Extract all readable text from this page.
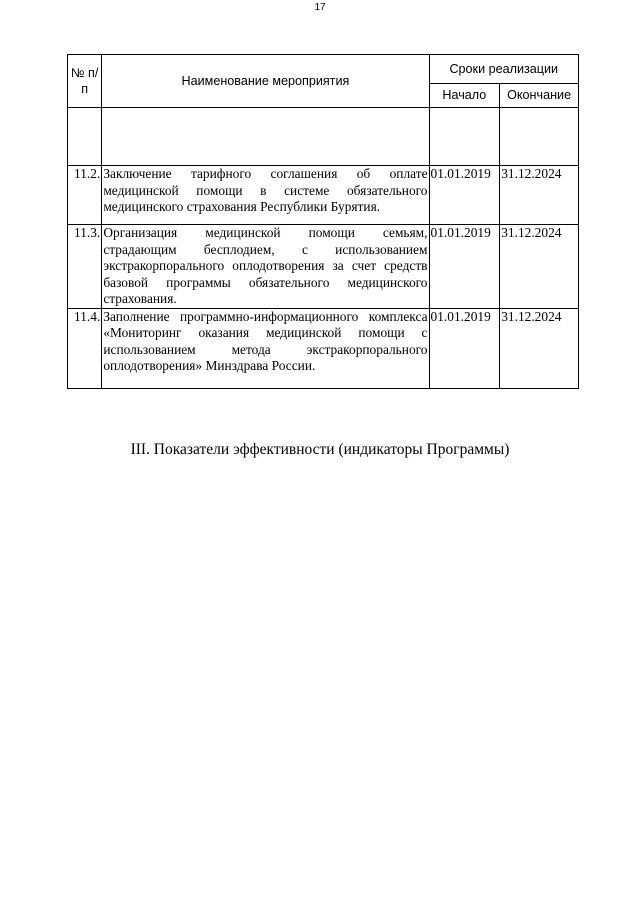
17
№ п/п	Наименование мероприятия	Сроки реализации	
		Начало	Окончание

11.2.	Заключение тарифного соглашения об оплате медицинской помощи в системе обязательного медицинского страхования Республики Бурятия.	01.01.2019	31.12.2024
11.3.	Организация медицинской помощи семьям, страдающим бесплодием, с использованием экстракорпорального оплодотворения за счет средств базовой программы обязательного медицинского страхования.	01.01.2019	31.12.2024
11.4.	Заполнение программно-информационного комплекса «Мониторинг оказания медицинской помощи с использованием метода экстракорпорального оплодотворения» Минздрава России.	01.01.2019	31.12.2024
III. Показатели эффективности (индикаторы Программы)
